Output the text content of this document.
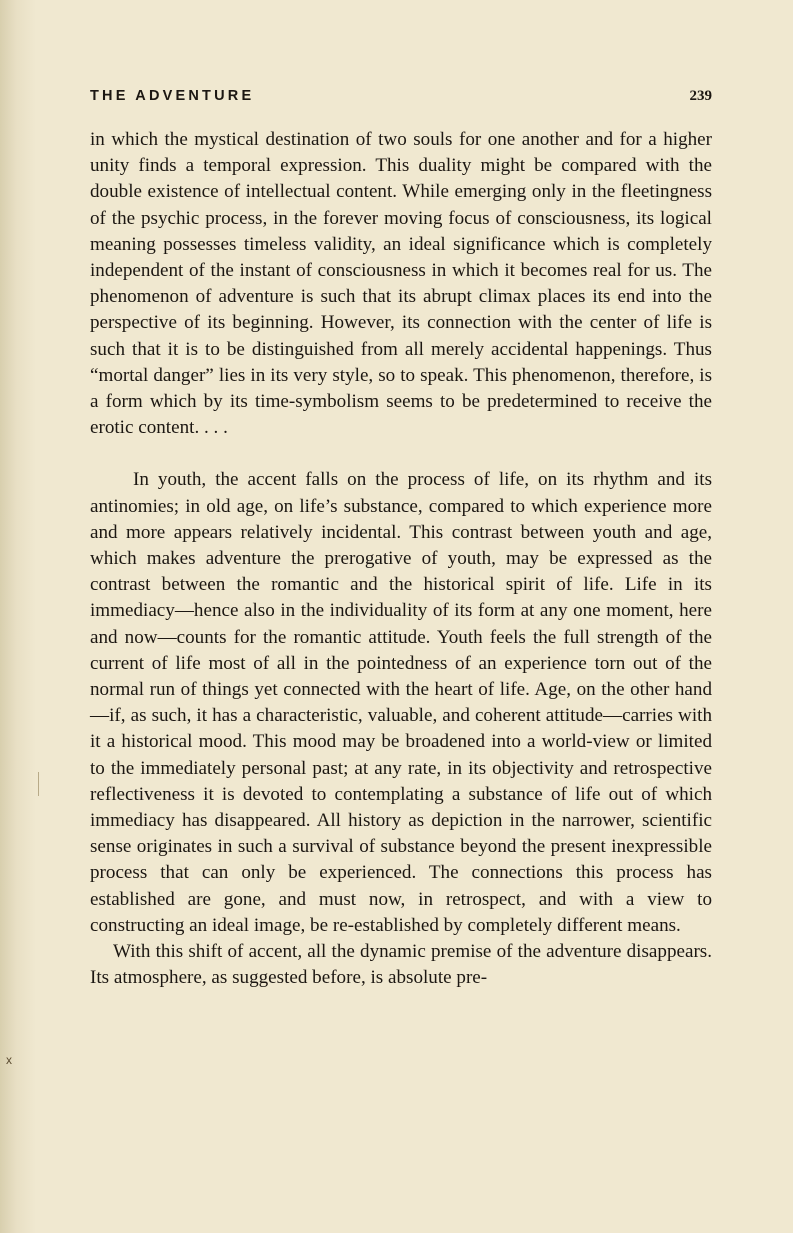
THE ADVENTURE	239

in which the mystical destination of two souls for one another and for a higher unity finds a temporal expression. This duality might be compared with the double existence of intellectual content. While emerging only in the fleetingness of the psychic process, in the forever moving focus of consciousness, its logical meaning possesses timeless validity, an ideal significance which is completely independent of the instant of consciousness in which it becomes real for us. The phenomenon of adventure is such that its abrupt climax places its end into the perspective of its beginning. However, its connection with the center of life is such that it is to be distinguished from all merely accidental happenings. Thus “mortal danger” lies in its very style, so to speak. This phenomenon, therefore, is a form which by its time-symbolism seems to be predetermined to receive the erotic content. . . .

In youth, the accent falls on the process of life, on its rhythm and its antinomies; in old age, on life’s substance, compared to which experience more and more appears relatively incidental. This contrast between youth and age, which makes adventure the prerogative of youth, may be expressed as the contrast between the romantic and the historical spirit of life. Life in its immediacy—hence also in the individuality of its form at any one moment, here and now—counts for the romantic attitude. Youth feels the full strength of the current of life most of all in the pointedness of an experience torn out of the normal run of things yet connected with the heart of life. Age, on the other hand—if, as such, it has a characteristic, valuable, and coherent attitude—carries with it a historical mood. This mood may be broadened into a world-view or limited to the immediately personal past; at any rate, in its objectivity and retrospective reflectiveness it is devoted to contemplating a substance of life out of which immediacy has disappeared. All history as depiction in the narrower, scientific sense originates in such a survival of substance beyond the present inexpressible process that can only be experienced. The connections this process has established are gone, and must now, in retrospect, and with a view to constructing an ideal image, be re-established by completely different means.

With this shift of accent, all the dynamic premise of the adventure disappears. Its atmosphere, as suggested before, is absolute pre-

x
